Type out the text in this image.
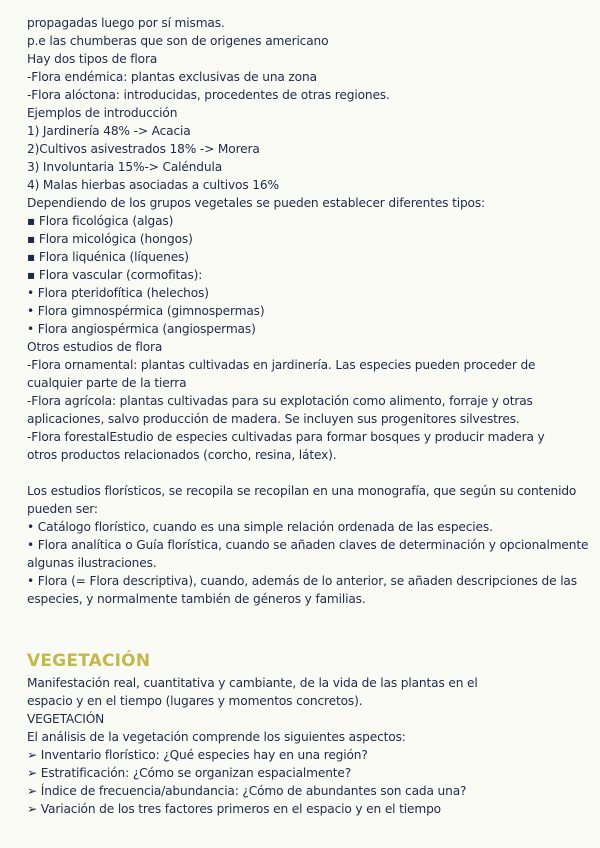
propagadas luego por sí mismas.
p.e las chumberas que son de origenes americano
Hay dos tipos de flora
-Flora endémica: plantas exclusivas de una zona
-Flora alóctona: introducidas, procedentes de otras regiones.
Ejemplos de introducción
1) Jardinería 48% -> Acacia
2)Cultivos asivestrados 18% -> Morera
3) Involuntaria 15%-> Caléndula
4) Malas hierbas asociadas a cultivos 16%
Dependiendo de los grupos vegetales se pueden establecer diferentes tipos:
▪ Flora ficológica (algas)
▪ Flora micológica (hongos)
▪ Flora liquénica (líquenes)
▪ Flora vascular (cormofitas):
• Flora pteridofítica (helechos)
• Flora gimnospérmica (gimnospermas)
• Flora angiospérmica (angiospermas)
Otros estudios de flora
-Flora ornamental: plantas cultivadas en jardinería. Las especies pueden proceder de
cualquier parte de la tierra
-Flora agrícola: plantas cultivadas para su explotación como alimento, forraje y otras
aplicaciones, salvo producción de madera. Se incluyen sus progenitores silvestres.
-Flora forestalEstudio de especies cultivadas para formar bosques y producir madera y
otros productos relacionados (corcho, resina, látex).
Los estudios florísticos, se recopila se recopilan en una monografía, que según su contenido
pueden ser:
• Catálogo florístico, cuando es una simple relación ordenada de las especies.
• Flora analítica o Guía florística, cuando se añaden claves de determinación y opcionalmente
algunas ilustraciones.
• Flora (= Flora descriptiva), cuando, además de lo anterior, se añaden descripciones de las
especies, y normalmente también de géneros y familias.
VEGETACIÓN
Manifestación real, cuantitativa y cambiante, de la vida de las plantas en el
espacio y en el tiempo (lugares y momentos concretos).
VEGETACIÓN
El análisis de la vegetación comprende los siguientes aspectos:
➢ Inventario florístico: ¿Qué especies hay en una región?
➢ Estratificación: ¿Cómo se organizan espacialmente?
➢ Índice de frecuencia/abundancia: ¿Cómo de abundantes son cada una?
➢ Variación de los tres factores primeros en el espacio y en el tiempo
